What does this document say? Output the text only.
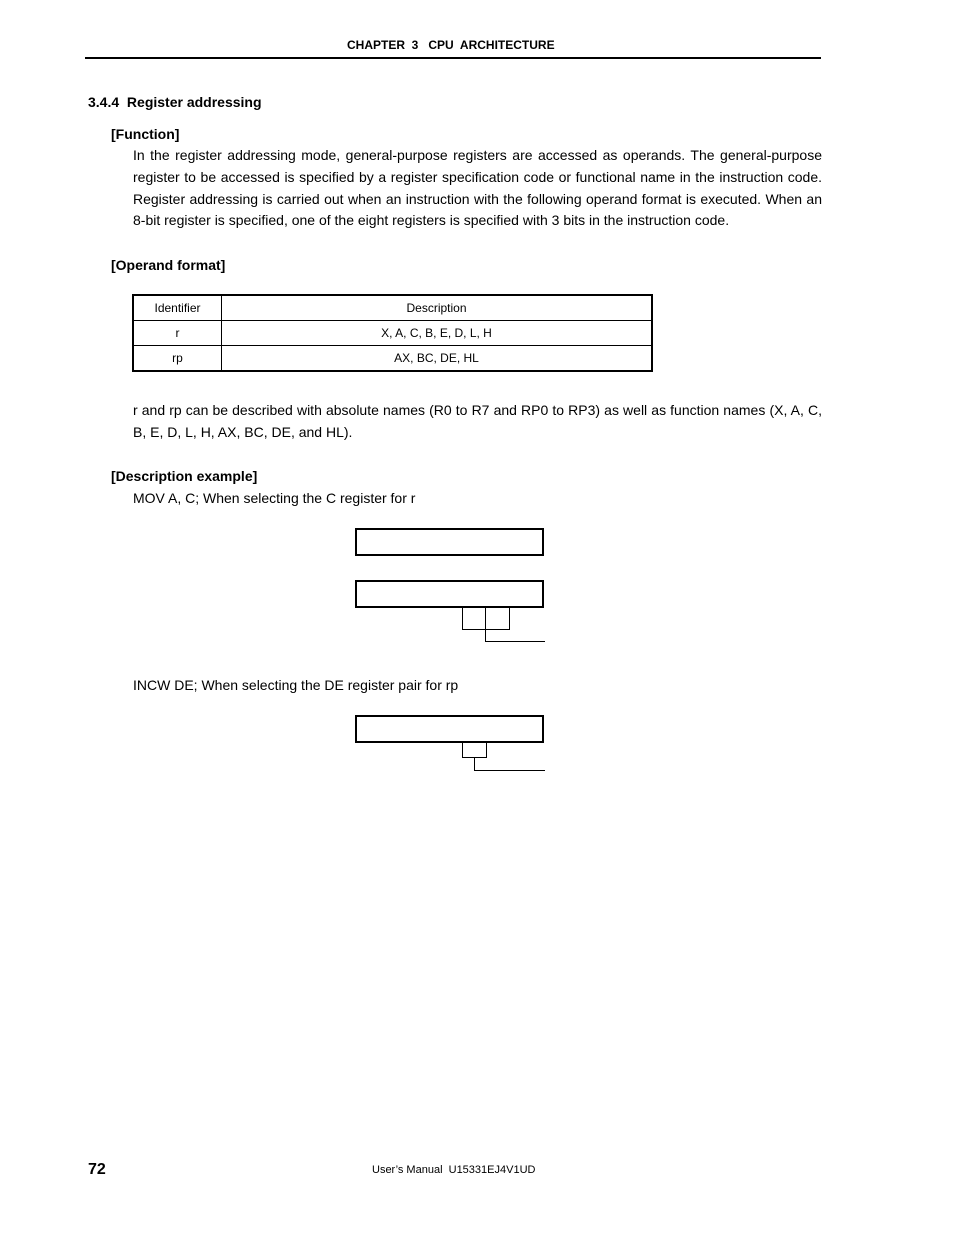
CHAPTER  3   CPU  ARCHITECTURE
3.4.4  Register addressing
[Function]
In the register addressing mode, general-purpose registers are accessed as operands. The general-purpose register to be accessed is specified by a register specification code or functional name in the instruction code. Register addressing is carried out when an instruction with the following operand format is executed. When an 8-bit register is specified, one of the eight registers is specified with 3 bits in the instruction code.
[Operand format]
Identifier	Description
r	X, A, C, B, E, D, L, H
rp	AX, BC, DE, HL
r and rp can be described with absolute names (R0 to R7 and RP0 to RP3) as well as function names (X, A, C, B, E, D, L, H, AX, BC, DE, and HL).
[Description example]
MOV A, C; When selecting the C register for r
INCW DE; When selecting the DE register pair for rp
72	User’s Manual  U15331EJ4V1UD
